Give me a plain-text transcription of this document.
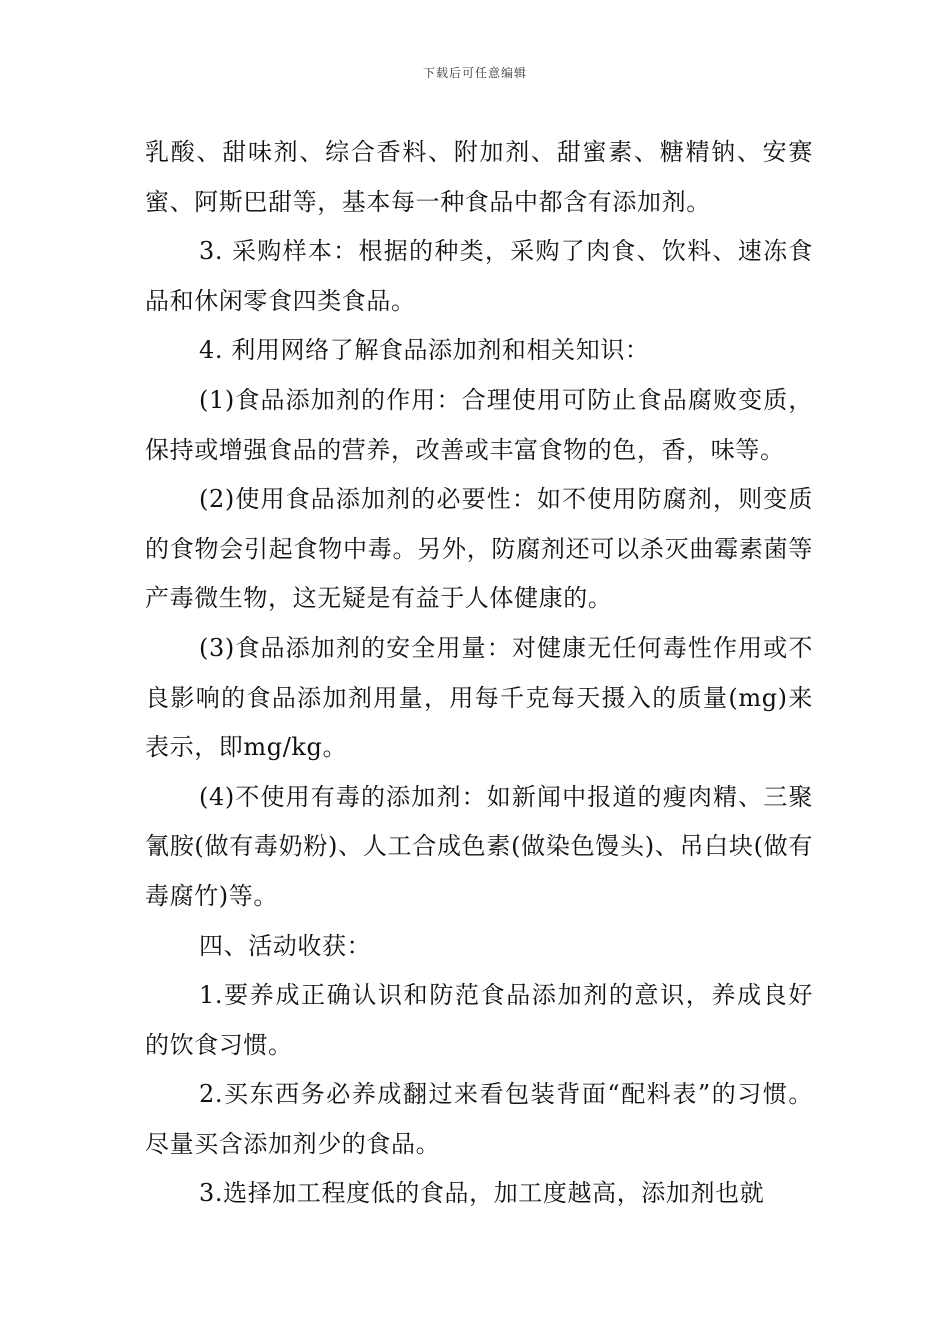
下载后可任意编辑

乳酸、甜味剂、综合香料、附加剂、甜蜜素、糖精钠、安赛蜜、阿斯巴甜等，基本每一种食品中都含有添加剂。

3. 采购样本：根据的种类，采购了肉食、饮料、速冻食品和休闲零食四类食品。

4. 利用网络了解食品添加剂和相关知识：

(1)食品添加剂的作用：合理使用可防止食品腐败变质，保持或增强食品的营养，改善或丰富食物的色，香，味等。

(2)使用食品添加剂的必要性：如不使用防腐剂，则变质的食物会引起食物中毒。另外，防腐剂还可以杀灭曲霉素菌等产毒微生物，这无疑是有益于人体健康的。

(3)食品添加剂的安全用量：对健康无任何毒性作用或不良影响的食品添加剂用量，用每千克每天摄入的质量(mg)来表示，即mg/kg。

(4)不使用有毒的添加剂：如新闻中报道的瘦肉精、三聚氰胺(做有毒奶粉)、人工合成色素(做染色馒头)、吊白块(做有毒腐竹)等。

四、活动收获：

1.要养成正确认识和防范食品添加剂的意识，养成良好的饮食习惯。

2.买东西务必养成翻过来看包装背面“配料表”的习惯。尽量买含添加剂少的食品。

3.选择加工程度低的食品，加工度越高，添加剂也就
